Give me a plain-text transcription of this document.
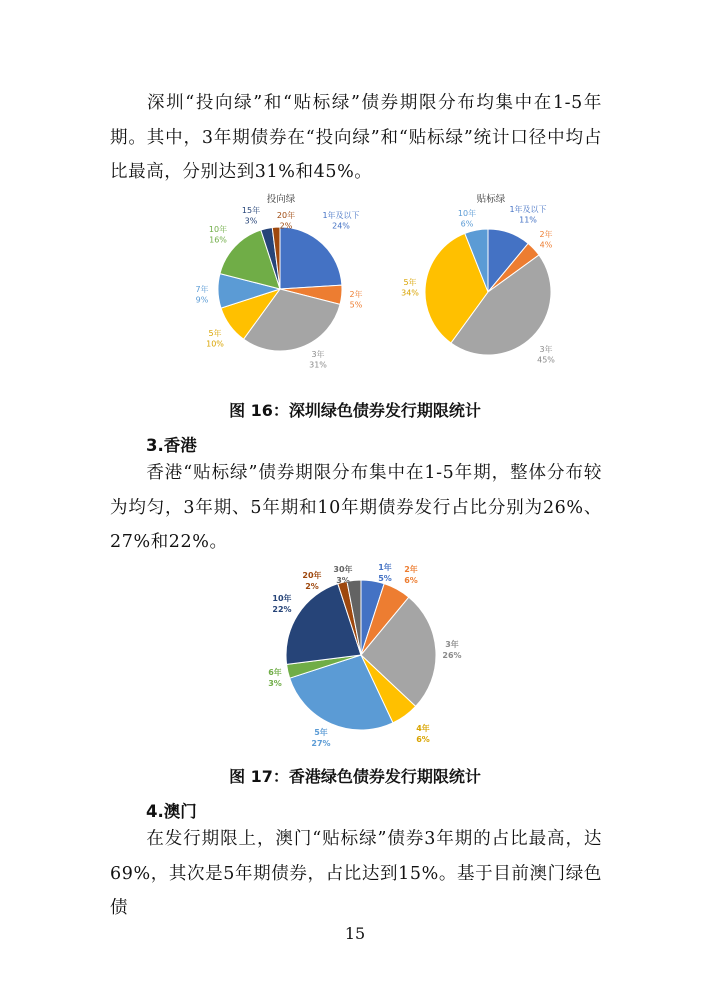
深圳“投向绿”和“贴标绿”债券期限分布均集中在1-5年期。其中，3年期债券在“投向绿”和“贴标绿”统计口径中均占比最高，分别达到31%和45%。

投向绿
1年及以下 24%
2年 5%
3年 31%
5年 10%
7年 9%
10年 16%
15年 3%
20年 2%
贴标绿
1年及以下 11%
2年 4%
3年 45%
5年 34%
10年 6%
1年 5%
2年 6%
3年 26%
4年 6%
5年 27%
6年 3%
10年 22%
20年 2%
30年 3%

图 16：深圳绿色债券发行期限统计

3.香港

香港“贴标绿”债券期限分布集中在1-5年期，整体分布较为均匀，3年期、5年期和10年期债券发行占比分别为26%、27%和22%。

图 17：香港绿色债券发行期限统计

4.澳门

在发行期限上，澳门“贴标绿”债券3年期的占比最高，达69%，其次是5年期债券，占比达到15%。基于目前澳门绿色债

15
